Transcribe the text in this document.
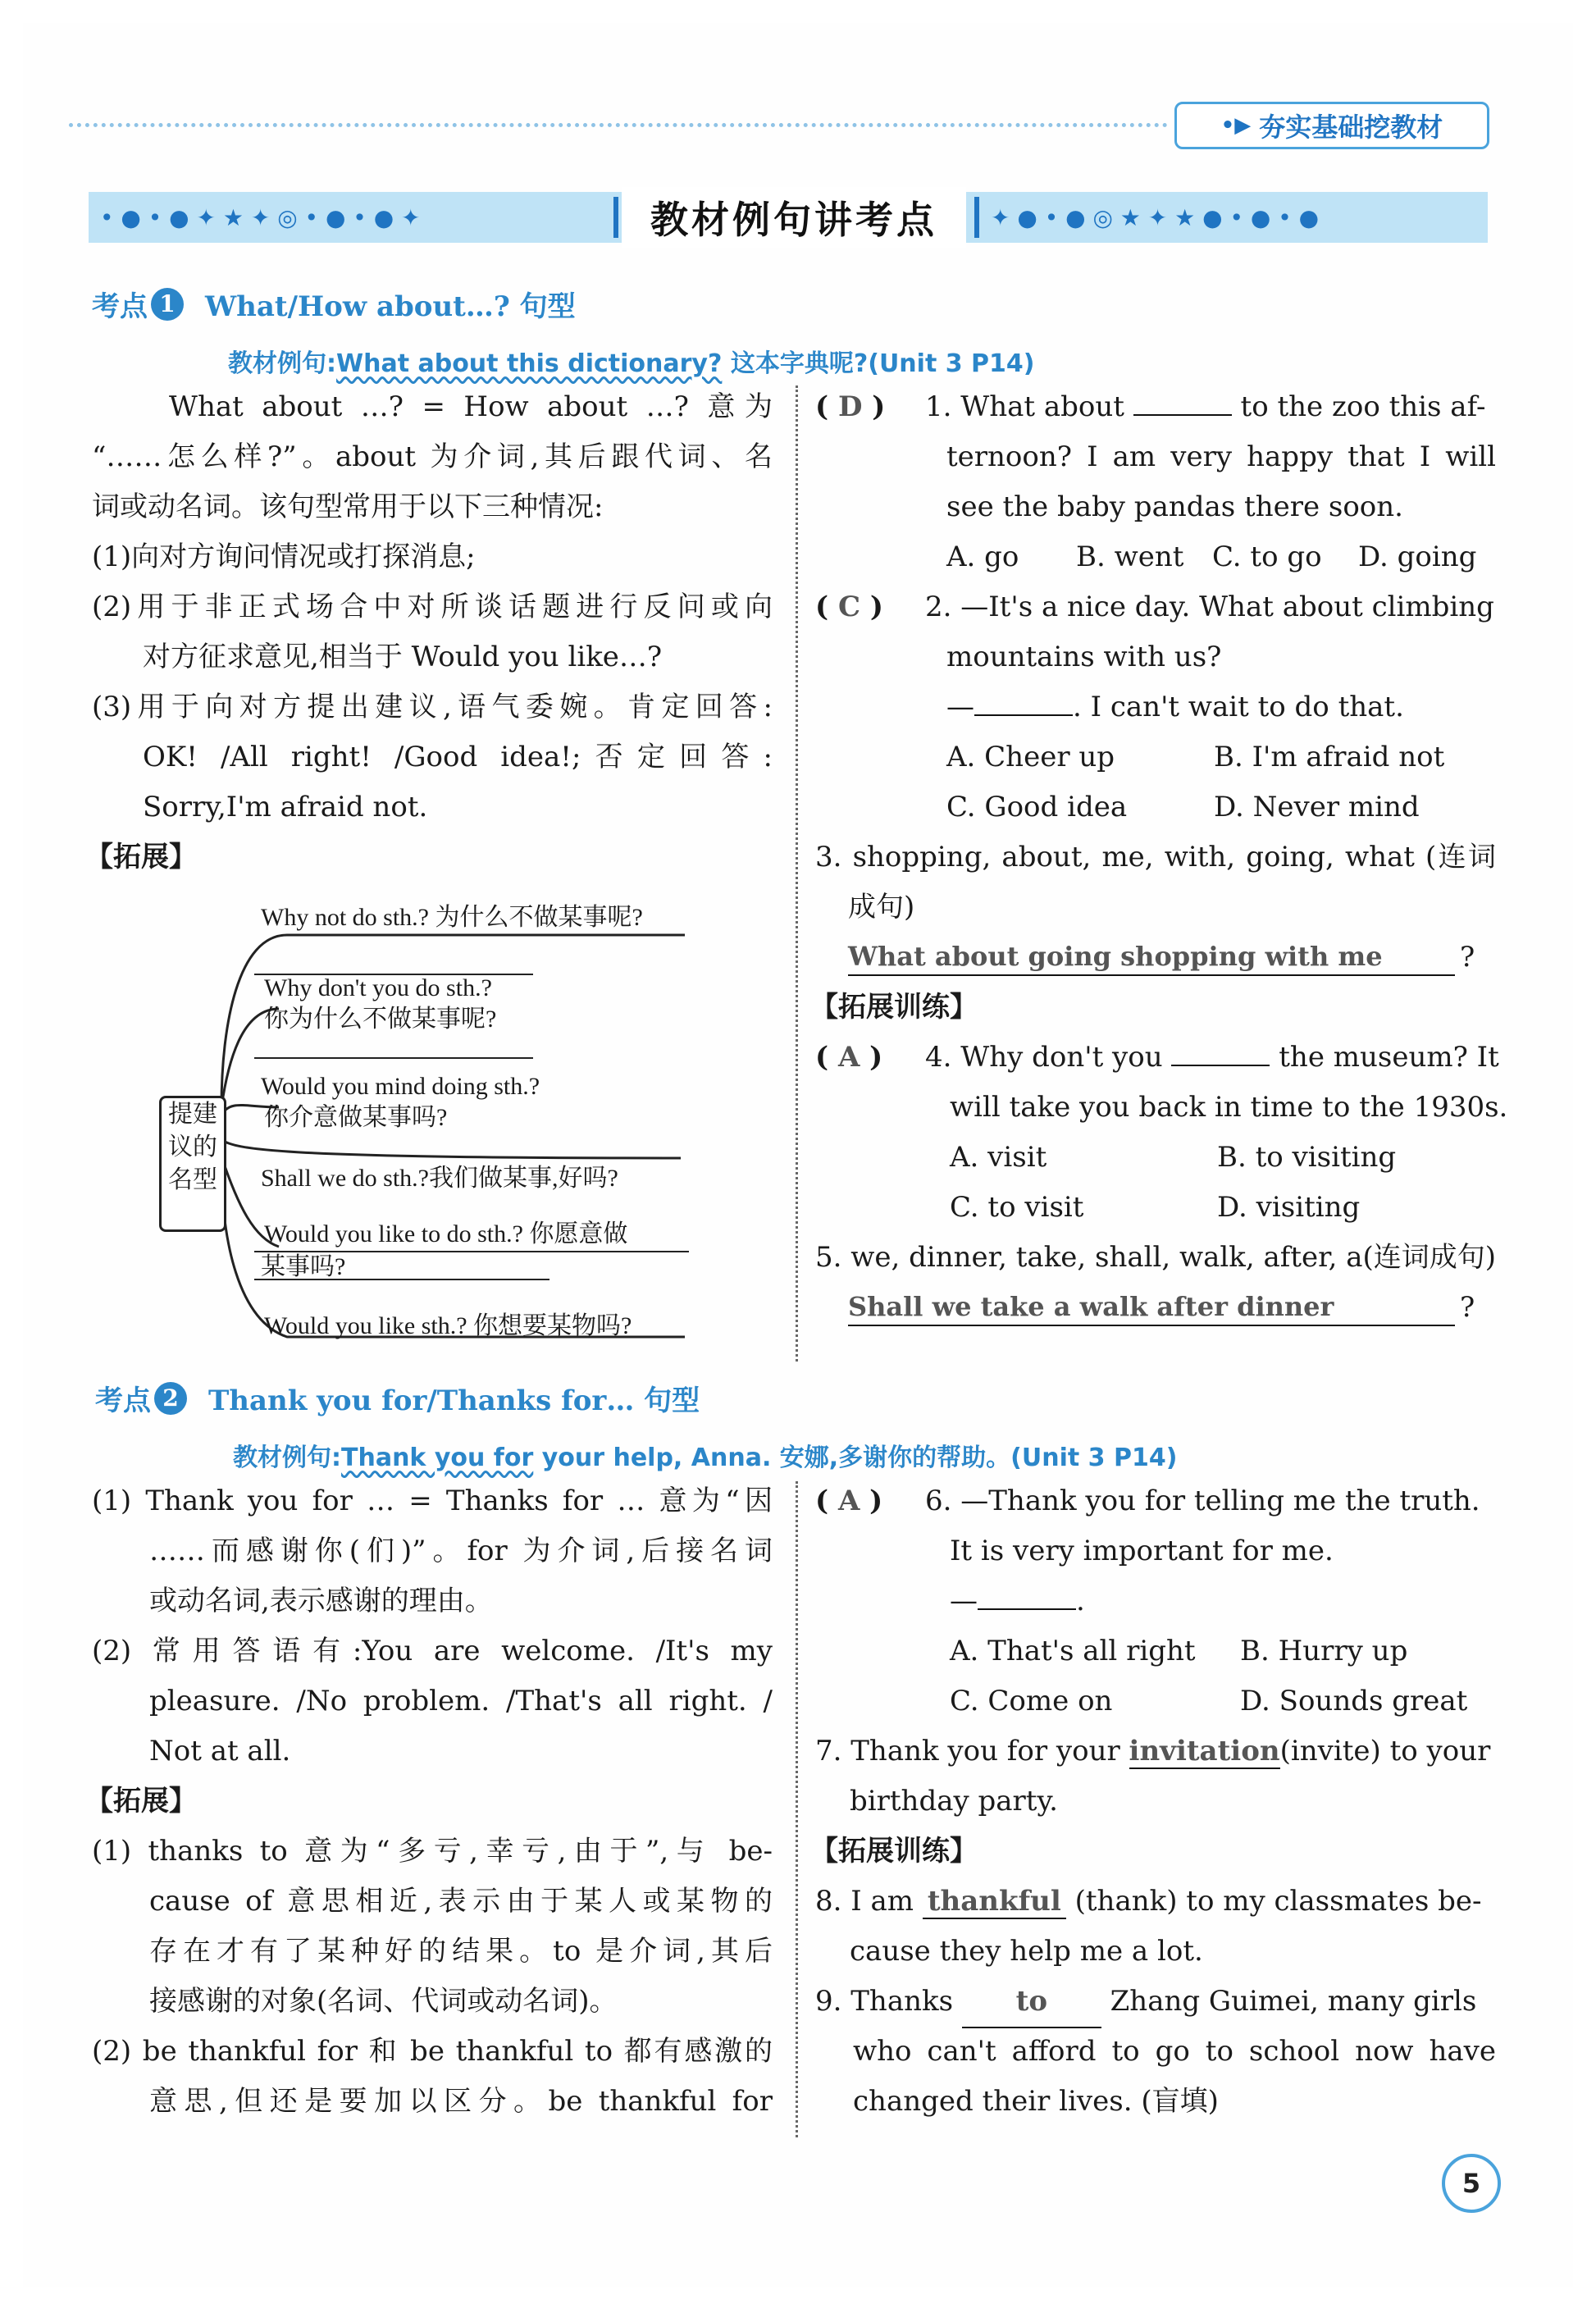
•▶ 夯实基础挖教材
• ● • ● ✦ ★ ✦ ◎ • ● • ● ✦	教材例句讲考点	✦ ● • ● ◎ ★ ✦ ★ ● • ● • ●
考点 1	What/How about…? 句型
教材例句:What about this dictionary? 这本字典呢?(Unit 3 P14)
What about …? = How about …? 意为
“……怎么样?”。about 为介词,其后跟代词、名
词或动名词。该句型常用于以下三种情况:
(1)向对方询问情况或打探消息;
(2)用于非正式场合中对所谈话题进行反问或向
对方征求意见,相当于 Would you like…?
(3)用于向对方提出建议,语气委婉。肯定回答:
OK! /All right! /Good idea!;否定回答:
Sorry,I'm afraid not.
【拓展】
提建议的名型
Why not do sth.? 为什么不做某事呢?
Why don't you do sth.?
你为什么不做某事呢?
Would you mind doing sth.?
你介意做某事吗?
Shall we do sth.?我们做某事,好吗?
Would you like to do sth.? 你愿意做
某事吗?
Would you like sth.? 你想要某物吗?
( D ) 1. What about	to the zoo this af-
ternoon? I am very happy that I will
see the baby pandas there soon.
A. go B. went C. to go D. going
( C ) 2. —It's a nice day. What about climbing
mountains with us?
—	. I can't wait to do that.
A. Cheer up	B. I'm afraid not
C. Good idea	D. Never mind
3. shopping, about, me, with, going, what (连词
成句)
What about going shopping with me	?
【拓展训练】
( A ) 4. Why don't you	the museum? It
will take you back in time to the 1930s.
A. visit	B. to visiting
C. to visit	D. visiting
5. we, dinner, take, shall, walk, after, a(连词成句)
Shall we take a walk after dinner	?
考点 2	Thank you for/Thanks for… 句型
教材例句:Thank you for your help, Anna. 安娜,多谢你的帮助。(Unit 3 P14)
(1) Thank you for … = Thanks for … 意为“因
……而感谢你(们)”。for 为介词,后接名词
或动名词,表示感谢的理由。
(2) 常用答语有:You are welcome. /It's my
pleasure. /No problem. /That's all right. /
Not at all.
【拓展】
(1) thanks to 意为“多亏,幸亏,由于”,与 be-
cause of 意思相近,表示由于某人或某物的
存在才有了某种好的结果。to 是介词,其后
接感谢的对象(名词、代词或动名词)。
(2) be thankful for 和 be thankful to 都有感激的
意思,但还是要加以区分。be thankful for
( A ) 6. —Thank you for telling me the truth.
It is very important for me.
—	.
A. That's all right B. Hurry up
C. Come on	D. Sounds great
7. Thank you for your invitation(invite) to your
birthday party.
【拓展训练】
8. I am thankful (thank) to my classmates be-
cause they help me a lot.
9. Thanks to Zhang Guimei, many girls
who can't afford to go to school now have
changed their lives. (盲填)
5
